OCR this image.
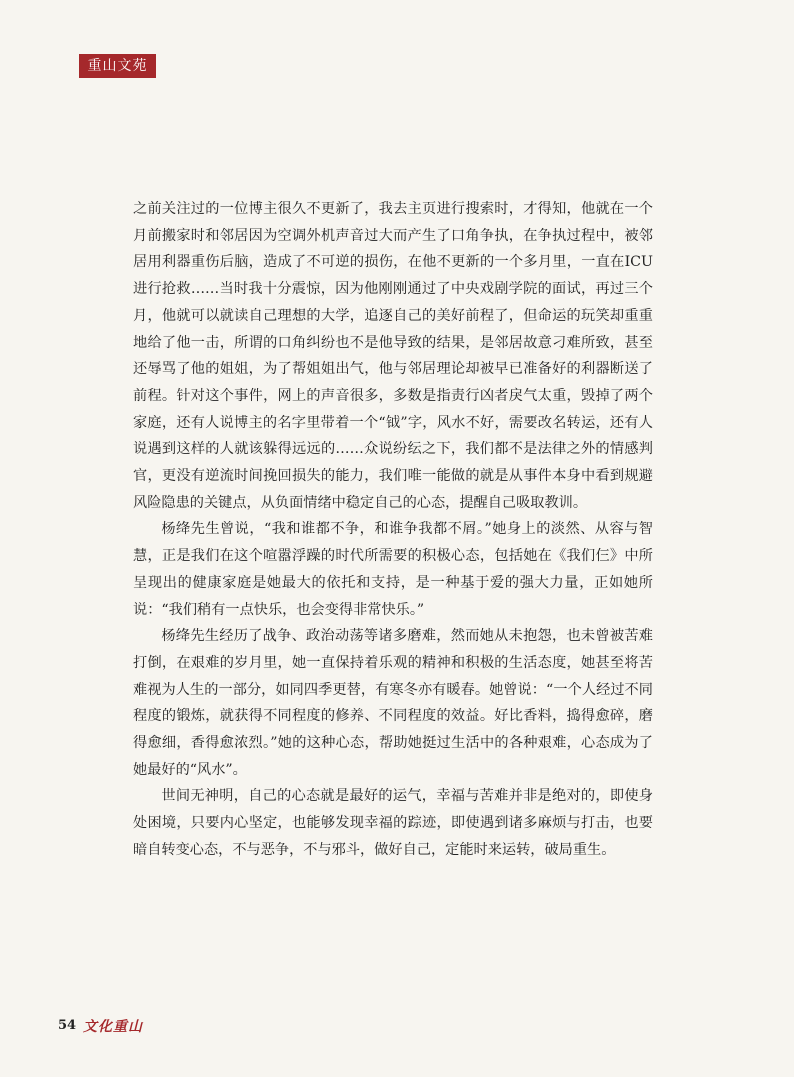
重山文苑

之前关注过的一位博主很久不更新了，我去主页进行搜索时，才得知，他就在一个月前搬家时和邻居因为空调外机声音过大而产生了口角争执，在争执过程中，被邻居用利器重伤后脑，造成了不可逆的损伤，在他不更新的一个多月里，一直在ICU进行抢救……当时我十分震惊，因为他刚刚通过了中央戏剧学院的面试，再过三个月，他就可以就读自己理想的大学，追逐自己的美好前程了，但命运的玩笑却重重地给了他一击，所谓的口角纠纷也不是他导致的结果，是邻居故意刁难所致，甚至还辱骂了他的姐姐，为了帮姐姐出气，他与邻居理论却被早已准备好的利器断送了前程。针对这个事件，网上的声音很多，多数是指责行凶者戾气太重，毁掉了两个家庭，还有人说博主的名字里带着一个“钺”字，风水不好，需要改名转运，还有人说遇到这样的人就该躲得远远的……众说纷纭之下，我们都不是法律之外的情感判官，更没有逆流时间挽回损失的能力，我们唯一能做的就是从事件本身中看到规避风险隐患的关键点，从负面情绪中稳定自己的心态，提醒自己吸取教训。

杨绛先生曾说，“我和谁都不争，和谁争我都不屑。”她身上的淡然、从容与智慧，正是我们在这个喧嚣浮躁的时代所需要的积极心态，包括她在《我们仨》中所呈现出的健康家庭是她最大的依托和支持，是一种基于爱的强大力量，正如她所说：“我们稍有一点快乐，也会变得非常快乐。”

杨绛先生经历了战争、政治动荡等诸多磨难，然而她从未抱怨，也未曾被苦难打倒，在艰难的岁月里，她一直保持着乐观的精神和积极的生活态度，她甚至将苦难视为人生的一部分，如同四季更替，有寒冬亦有暖春。她曾说：“一个人经过不同程度的锻炼，就获得不同程度的修养、不同程度的效益。好比香料，捣得愈碎，磨得愈细，香得愈浓烈。”她的这种心态，帮助她挺过生活中的各种艰难，心态成为了她最好的“风水”。

世间无神明，自己的心态就是最好的运气，幸福与苦难并非是绝对的，即使身处困境，只要内心坚定，也能够发现幸福的踪迹，即使遇到诸多麻烦与打击，也要暗自转变心态，不与恶争，不与邪斗，做好自己，定能时来运转，破局重生。

54 文化重山
